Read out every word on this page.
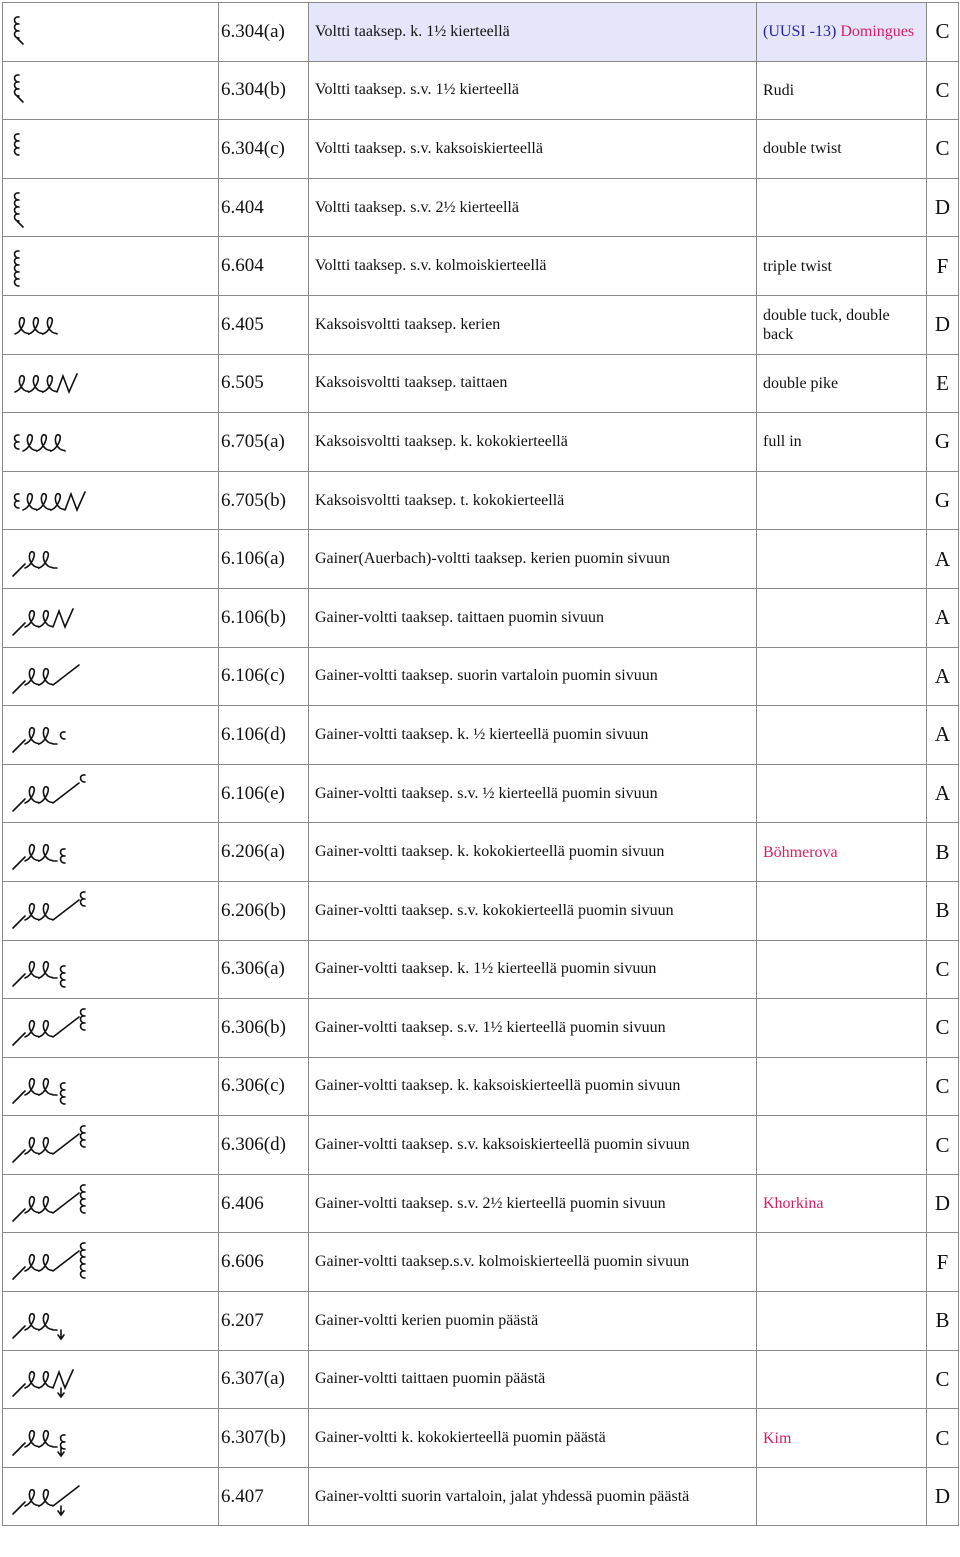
	6.304(a)	Voltti taaksep. k. 1½ kierteellä	(UUSI -13) Domingues	C

	6.304(b)	Voltti taaksep. s.v. 1½ kierteellä	Rudi	C

	6.304(c)	Voltti taaksep. s.v. kaksoiskierteellä	double twist	C

	6.404	Voltti taaksep. s.v. 2½ kierteellä		D

	6.604	Voltti taaksep. s.v. kolmoiskierteellä	triple twist	F

	6.405	Kaksoisvoltti taaksep. kerien	double tuck, double back	D

	6.505	Kaksoisvoltti taaksep. taittaen	double pike	E

	6.705(a)	Kaksoisvoltti taaksep. k. kokokierteellä	full in	G

	6.705(b)	Kaksoisvoltti taaksep. t. kokokierteellä		G

	6.106(a)	Gainer(Auerbach)-voltti taaksep. kerien puomin sivuun		A

	6.106(b)	Gainer-voltti taaksep. taittaen puomin sivuun		A

	6.106(c)	Gainer-voltti taaksep. suorin vartaloin puomin sivuun		A

	6.106(d)	Gainer-voltti taaksep. k. ½ kierteellä puomin sivuun		A

	6.106(e)	Gainer-voltti taaksep. s.v. ½ kierteellä puomin sivuun		A

	6.206(a)	Gainer-voltti taaksep. k. kokokierteellä puomin sivuun	Böhmerova	B

	6.206(b)	Gainer-voltti taaksep. s.v. kokokierteellä puomin sivuun		B

	6.306(a)	Gainer-voltti taaksep. k. 1½ kierteellä puomin sivuun		C

	6.306(b)	Gainer-voltti taaksep. s.v. 1½ kierteellä puomin sivuun		C

	6.306(c)	Gainer-voltti taaksep. k. kaksoiskierteellä puomin sivuun		C

	6.306(d)	Gainer-voltti taaksep. s.v. kaksoiskierteellä puomin sivuun		C

	6.406	Gainer-voltti taaksep. s.v. 2½ kierteellä puomin sivuun	Khorkina	D

	6.606	Gainer-voltti taaksep.s.v. kolmoiskierteellä puomin sivuun		F

	6.207	Gainer-voltti kerien puomin päästä		B

	6.307(a)	Gainer-voltti taittaen puomin päästä		C

	6.307(b)	Gainer-voltti k. kokokierteellä puomin päästä	Kim	C

	6.407	Gainer-voltti suorin vartaloin, jalat yhdessä puomin päästä		D
